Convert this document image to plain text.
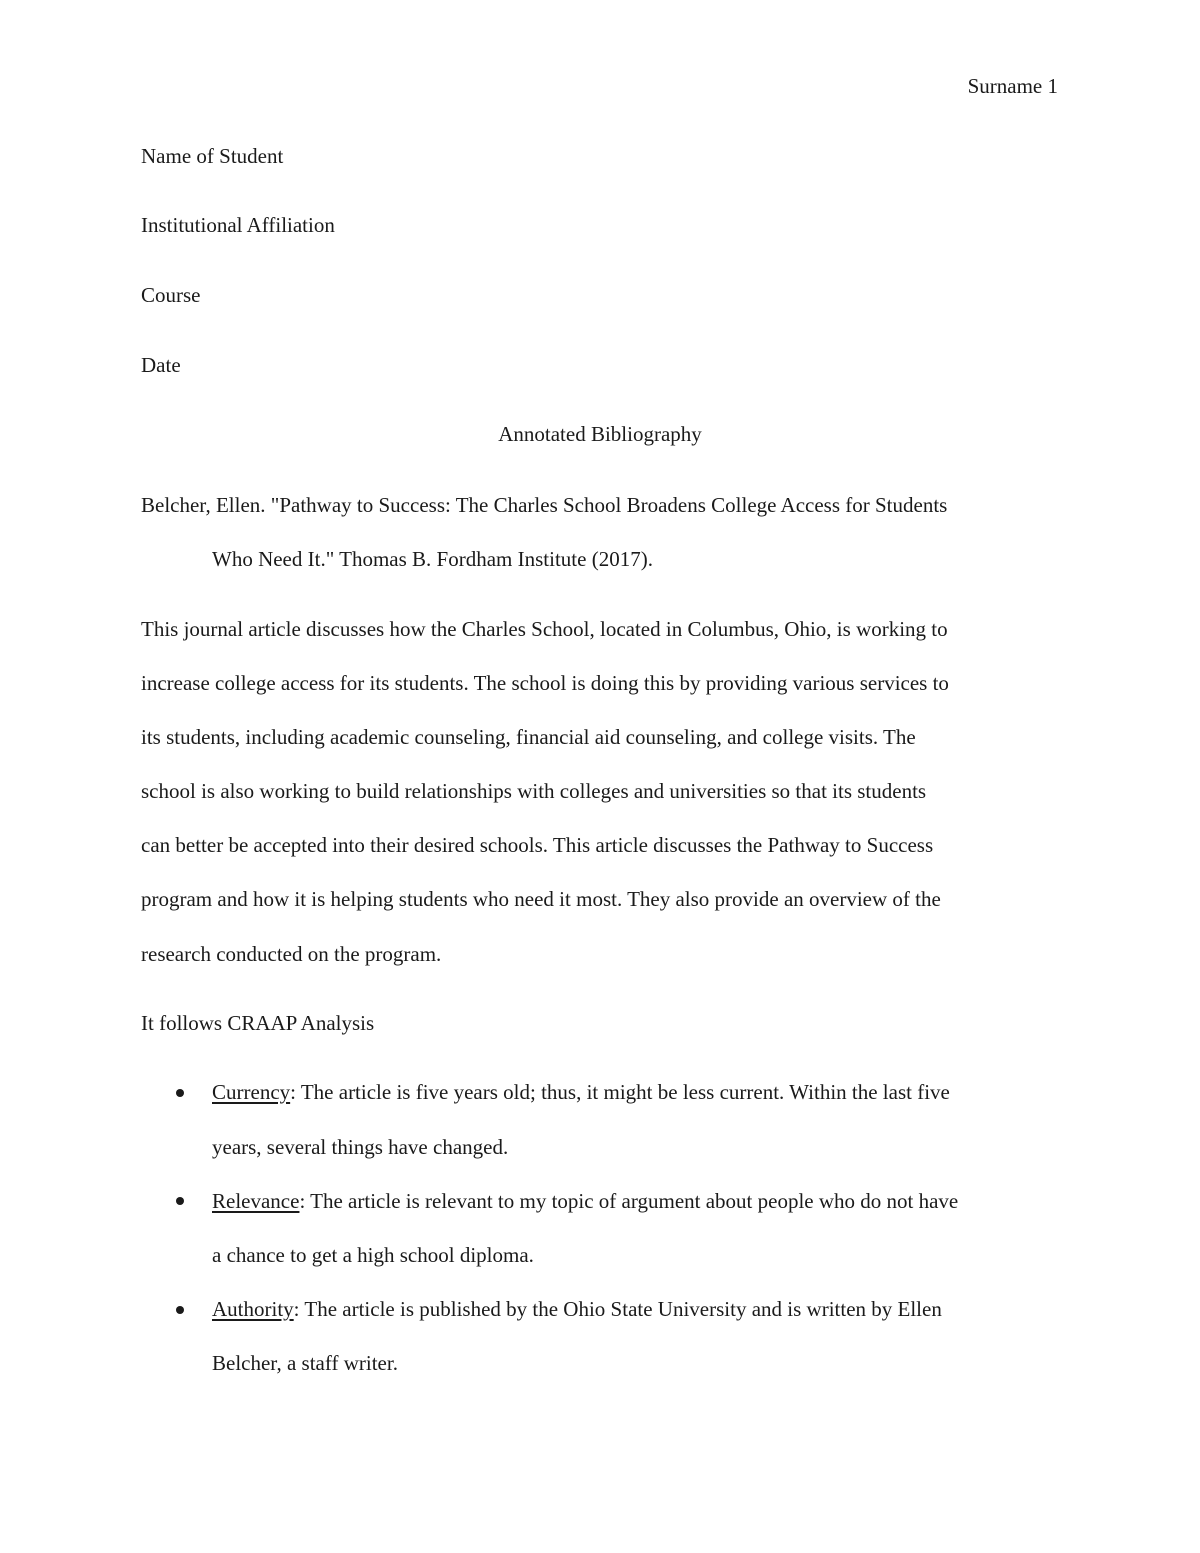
Surname 1
Name of Student
Institutional Affiliation
Course
Date
Annotated Bibliography
Belcher, Ellen. "Pathway to Success: The Charles School Broadens College Access for Students
Who Need It." Thomas B. Fordham Institute (2017).
This journal article discusses how the Charles School, located in Columbus, Ohio, is working to
increase college access for its students. The school is doing this by providing various services to
its students, including academic counseling, financial aid counseling, and college visits. The
school is also working to build relationships with colleges and universities so that its students
can better be accepted into their desired schools. This article discusses the Pathway to Success
program and how it is helping students who need it most. They also provide an overview of the
research conducted on the program.
It follows CRAAP Analysis
Currency: The article is five years old; thus, it might be less current. Within the last five
years, several things have changed.
Relevance: The article is relevant to my topic of argument about people who do not have
a chance to get a high school diploma.
Authority: The article is published by the Ohio State University and is written by Ellen
Belcher, a staff writer.
